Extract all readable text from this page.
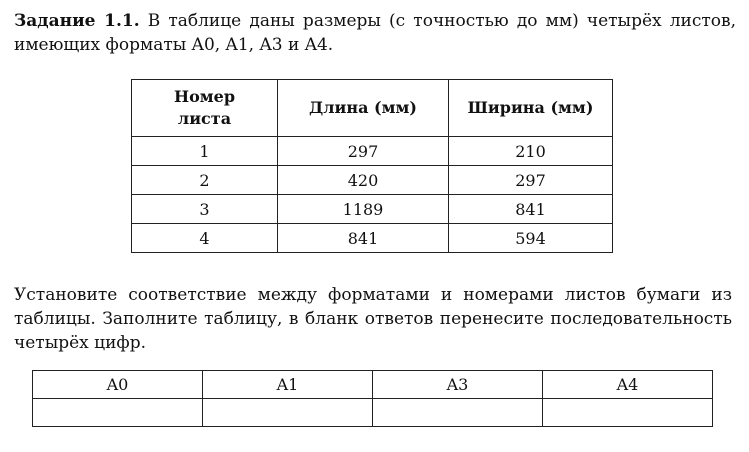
Задание 1.1. В таблице даны размеры (с точностью до мм) четырёх листов, имеющих форматы A0, A1, A3 и A4.

Номер
листа	Длина (мм)	Ширина (мм)
1	297	210
2	420	297
3	1189	841
4	841	594

Установите соответствие между форматами и номерами листов бумаги из таблицы. Заполните таблицу, в бланк ответов перенесите последовательность четырёх цифр.

A0	A1	A3	A4
